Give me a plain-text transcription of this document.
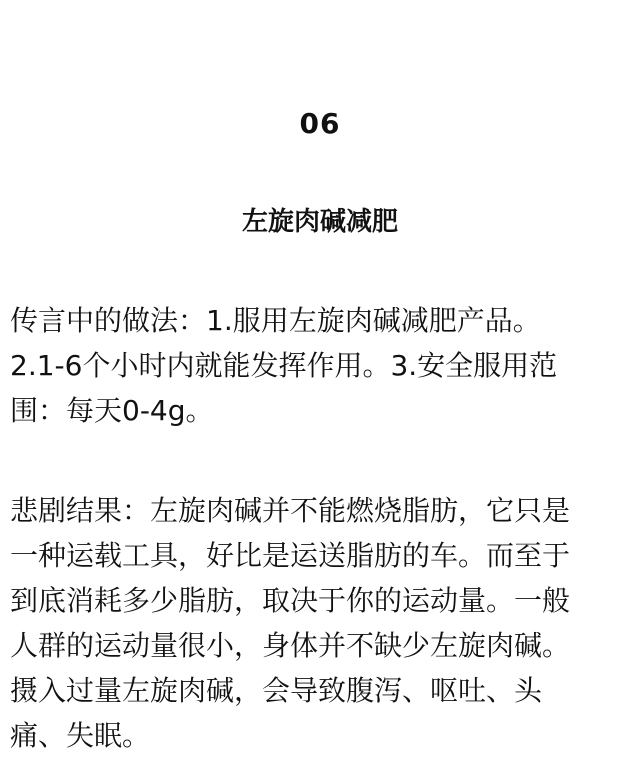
06
左旋肉碱减肥

传言中的做法：1.服用左旋肉碱减肥产品。
2.1-6个小时内就能发挥作用。3.安全服用范
围：每天0-4g。

悲剧结果：左旋肉碱并不能燃烧脂肪，它只是
一种运载工具，好比是运送脂肪的车。而至于
到底消耗多少脂肪，取决于你的运动量。一般
人群的运动量很小，身体并不缺少左旋肉碱。
摄入过量左旋肉碱，会导致腹泻、呕吐、头
痛、失眠。
